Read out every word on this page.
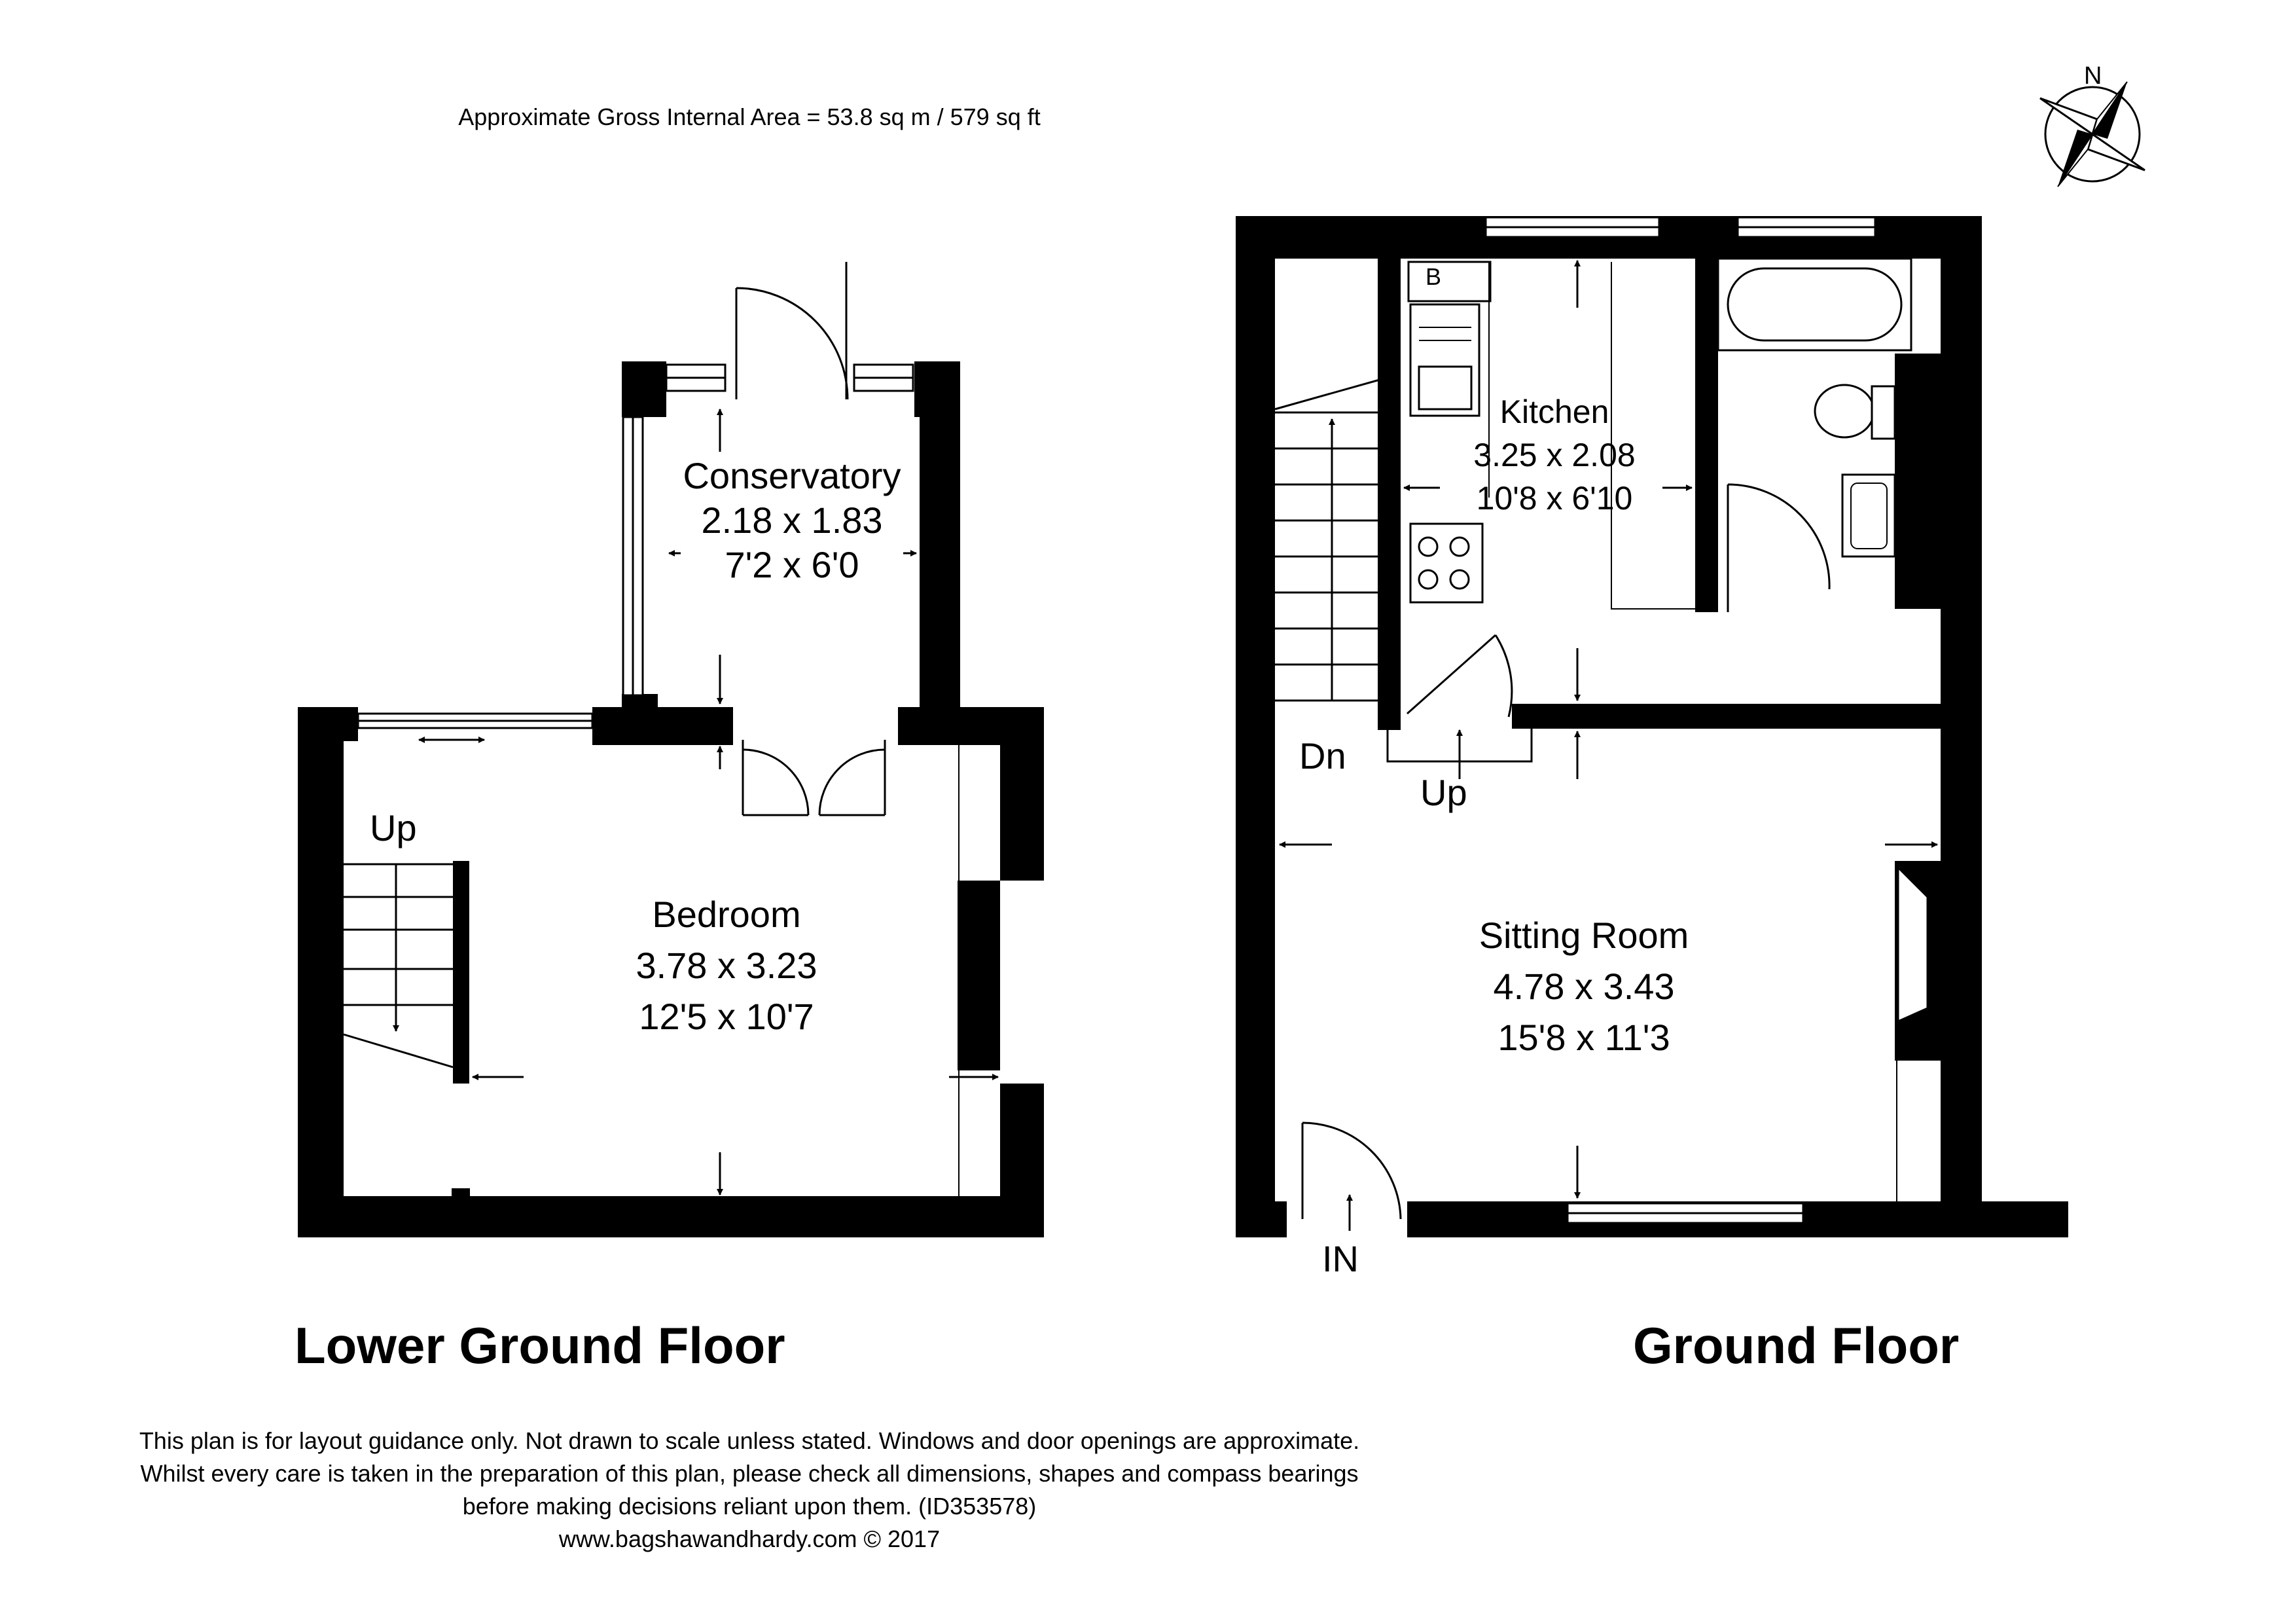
Approximate Gross Internal Area = 53.8 sq m / 579 sq ft
N
Conservatory
2.18 x 1.83
7'2 x 6'0
Bedroom
3.78 x 3.23
12'5 x 10'7
Up
B
Kitchen
3.25 x 2.08
10'8 x 6'10
Sitting Room
4.78 x 3.43
15'8 x 11'3
Dn
Up
IN
Lower Ground Floor	Ground Floor
This plan is for layout guidance only. Not drawn to scale unless stated. Windows and door openings are approximate.
Whilst every care is taken in the preparation of this plan, please check all dimensions, shapes and compass bearings
before making decisions reliant upon them. (ID353578)
www.bagshawandhardy.com © 2017
